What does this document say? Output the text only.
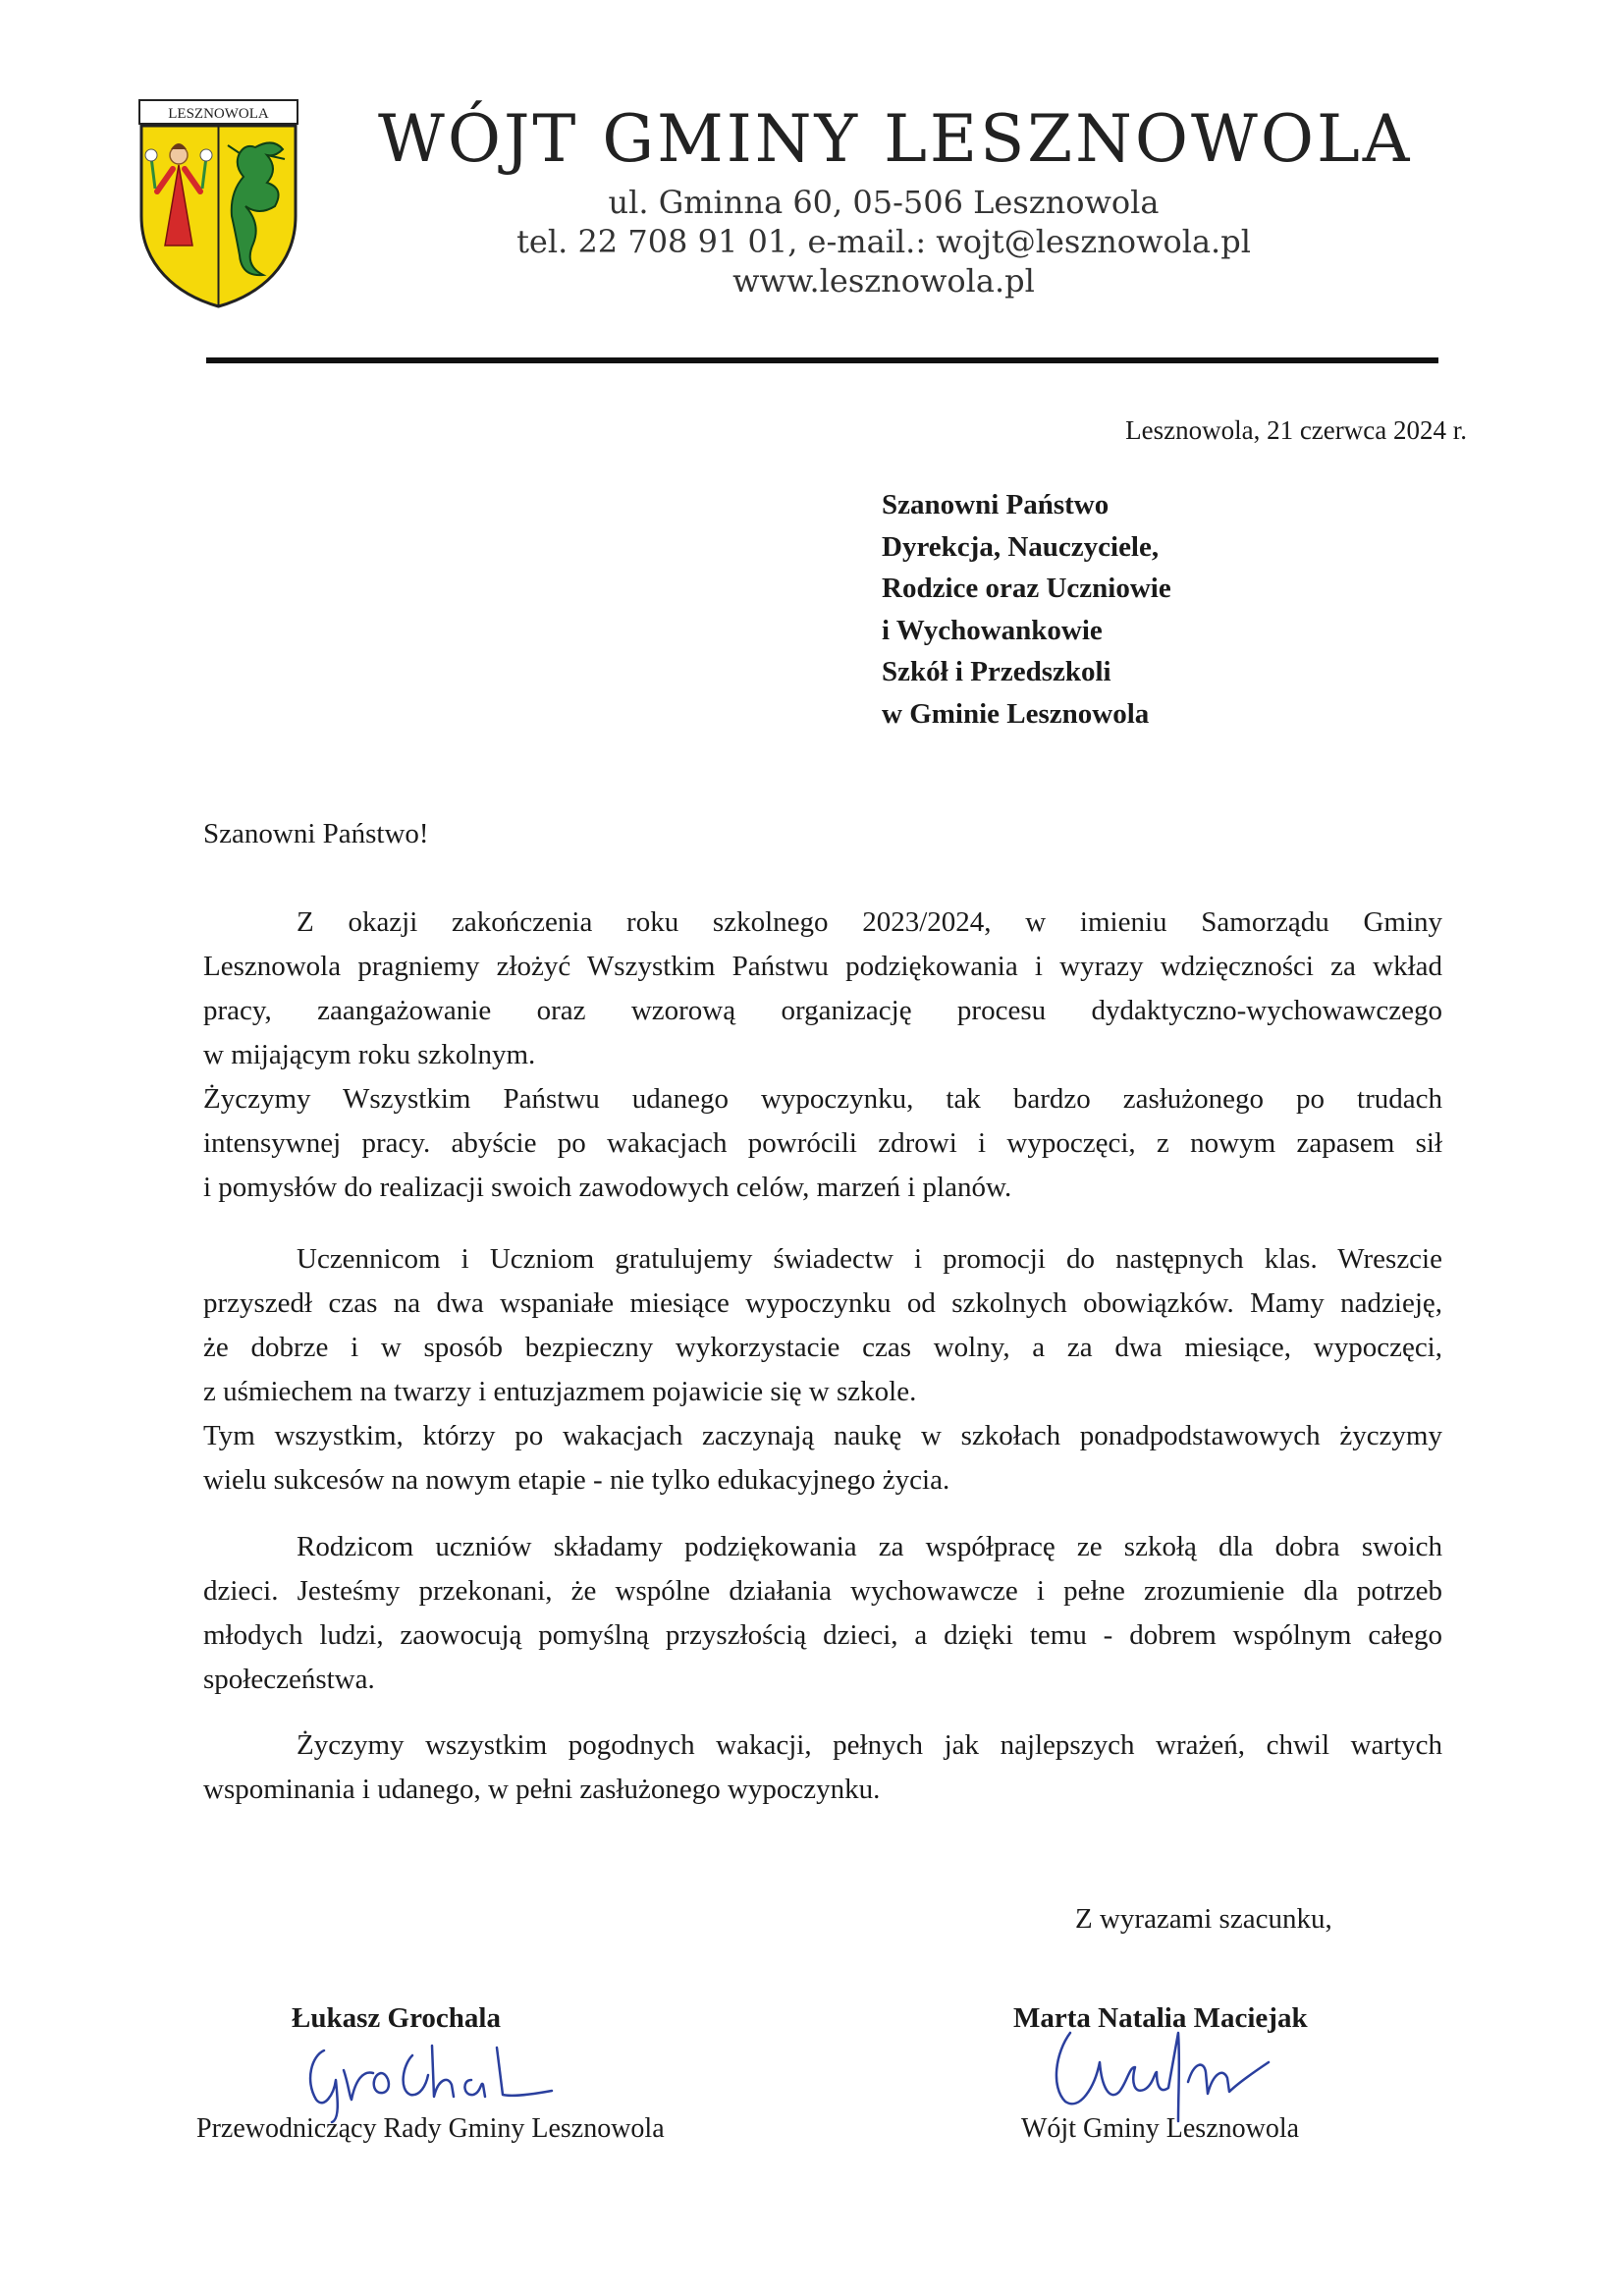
LESZNOWOLA WÓJT GMINY LESZNOWOLA
ul. Gminna 60, 05-506 Lesznowola
tel. 22 708 91 01, e-mail.: wojt@lesznowola.pl
www.lesznowola.pl
Lesznowola, 21 czerwca 2024 r.
Szanowni Państwo
Dyrekcja, Nauczyciele,
Rodzice oraz Uczniowie
i Wychowankowie
Szkół i Przedszkoli
w Gminie Lesznowola
Szanowni Państwo!
Z okazji zakończenia roku szkolnego 2023/2024, w imieniu Samorządu Gminy
Lesznowola pragniemy złożyć Wszystkim Państwu podziękowania i wyrazy wdzięczności za wkład
pracy, zaangażowanie oraz wzorową organizację procesu dydaktyczno-wychowawczego
w mijającym roku szkolnym.
Życzymy Wszystkim Państwu udanego wypoczynku, tak bardzo zasłużonego po trudach
intensywnej pracy. abyście po wakacjach powrócili zdrowi i wypoczęci, z nowym zapasem sił
i pomysłów do realizacji swoich zawodowych celów, marzeń i planów.
Uczennicom i Uczniom gratulujemy świadectw i promocji do następnych klas. Wreszcie
przyszedł czas na dwa wspaniałe miesiące wypoczynku od szkolnych obowiązków. Mamy nadzieję,
że dobrze i w sposób bezpieczny wykorzystacie czas wolny, a za dwa miesiące, wypoczęci,
z uśmiechem na twarzy i entuzjazmem pojawicie się w szkole.
Tym wszystkim, którzy po wakacjach zaczynają naukę w szkołach ponadpodstawowych życzymy
wielu sukcesów na nowym etapie - nie tylko edukacyjnego życia.
Rodzicom uczniów składamy podziękowania za współpracę ze szkołą dla dobra swoich
dzieci. Jesteśmy przekonani, że wspólne działania wychowawcze i pełne zrozumienie dla potrzeb
młodych ludzi, zaowocują pomyślną przyszłością dzieci, a dzięki temu - dobrem wspólnym całego
społeczeństwa.
Życzymy wszystkim pogodnych wakacji, pełnych jak najlepszych wrażeń, chwil wartych
wspominania i udanego, w pełni zasłużonego wypoczynku.
Z wyrazami szacunku,
Łukasz Grochala
Przewodniczący Rady Gminy Lesznowola
Marta Natalia Maciejak
Wójt Gminy Lesznowola
